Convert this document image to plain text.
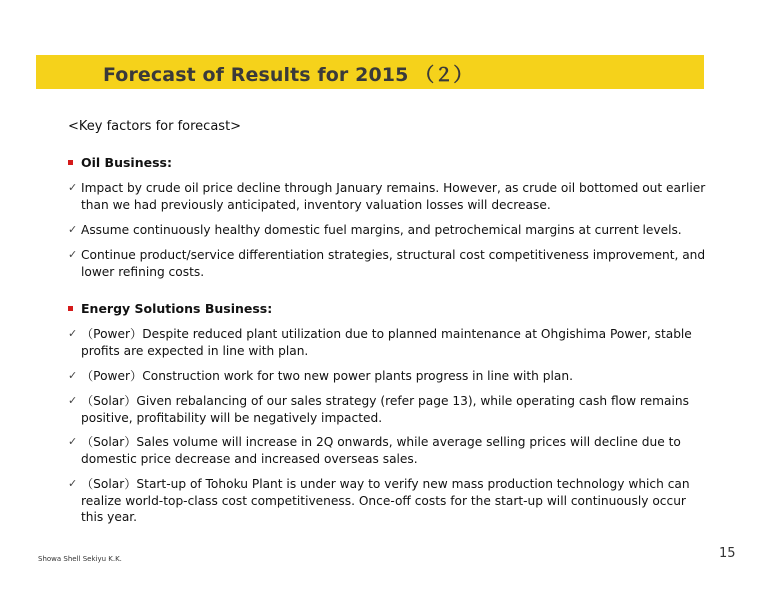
Forecast of Results for 2015 （２）
<Key factors for forecast>
Oil Business:
✓ Impact by crude oil price decline through January remains. However, as crude oil bottomed out earlier than we had previously anticipated, inventory valuation losses will decrease.
✓ Assume continuously healthy domestic fuel margins, and petrochemical margins at current levels.
✓ Continue product/service differentiation strategies, structural cost competitiveness improvement, and lower refining costs.
Energy Solutions Business:
✓ （Power）Despite reduced plant utilization due to planned maintenance at Ohgishima Power, stable profits are expected in line with plan.
✓ （Power）Construction work for two new power plants progress in line with plan.
✓ （Solar）Given rebalancing of our sales strategy (refer page 13), while operating cash flow remains positive, profitability will be negatively impacted.
✓ （Solar）Sales volume will increase in 2Q onwards, while average selling prices will decline due to domestic price decrease and increased overseas sales.
✓ （Solar）Start-up of Tohoku Plant is under way to verify new mass production technology which can realize world-top-class cost competitiveness. Once-off costs for the start-up will continuously occur this year.
Showa Shell Sekiyu K.K.	15
